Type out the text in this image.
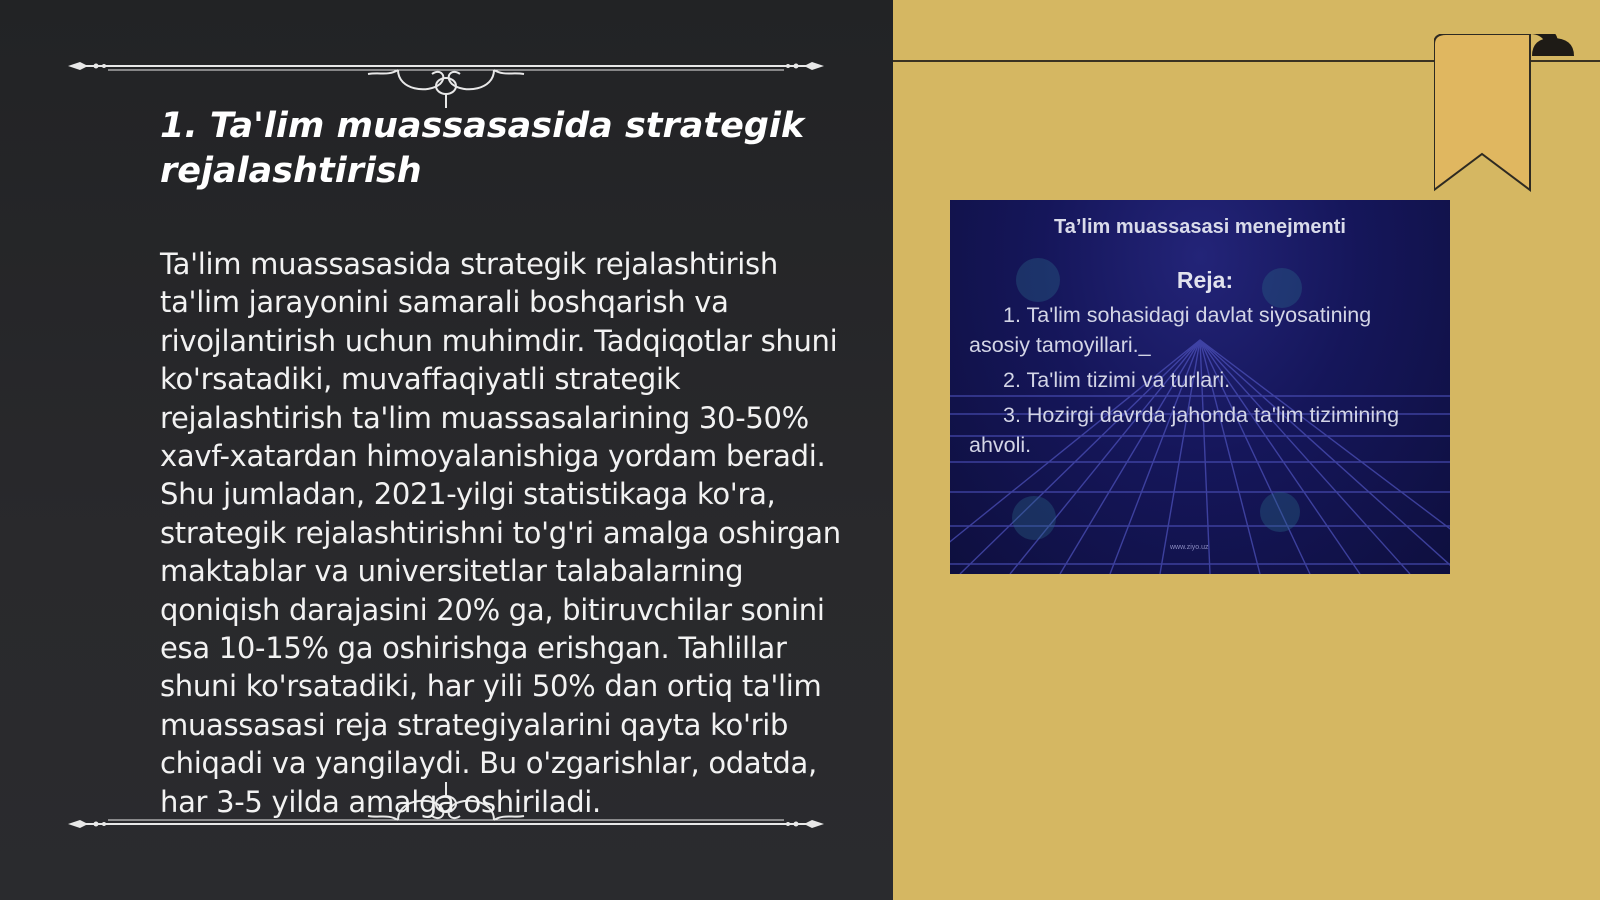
1. Ta'lim muassasasida strategik
rejalashtirish
Ta'lim muassasasida strategik rejalashtirish ta'lim jarayonini samarali boshqarish va rivojlantirish uchun muhimdir. Tadqiqotlar shuni ko'rsatadiki, muvaffaqiyatli strategik rejalashtirish ta'lim muassasalarining 30-50% xavf-xatardan himoyalanishiga yordam beradi. Shu jumladan, 2021-yilgi statistikaga ko'ra, strategik rejalashtirishni to'g'ri amalga oshirgan maktablar va universitetlar talabalarning qoniqish darajasini 20% ga, bitiruvchilar sonini esa 10-15% ga oshirishga erishgan. Tahlillar shuni ko'rsatadiki, har yili 50% dan ortiq ta'lim muassasasi reja strategiyalarini qayta ko'rib chiqadi va yangilaydi. Bu o'zgarishlar, odatda, har 3-5 yilda amalga oshiriladi.
Ta’lim muassasasi menejmenti
Reja:
1. Ta'lim sohasidagi davlat siyosatining asosiy tamoyillari._
2. Ta'lim tizimi va turlari.
3. Hozirgi davrda jahonda ta'lim tizimining ahvoli.
www.ziyo.uz
